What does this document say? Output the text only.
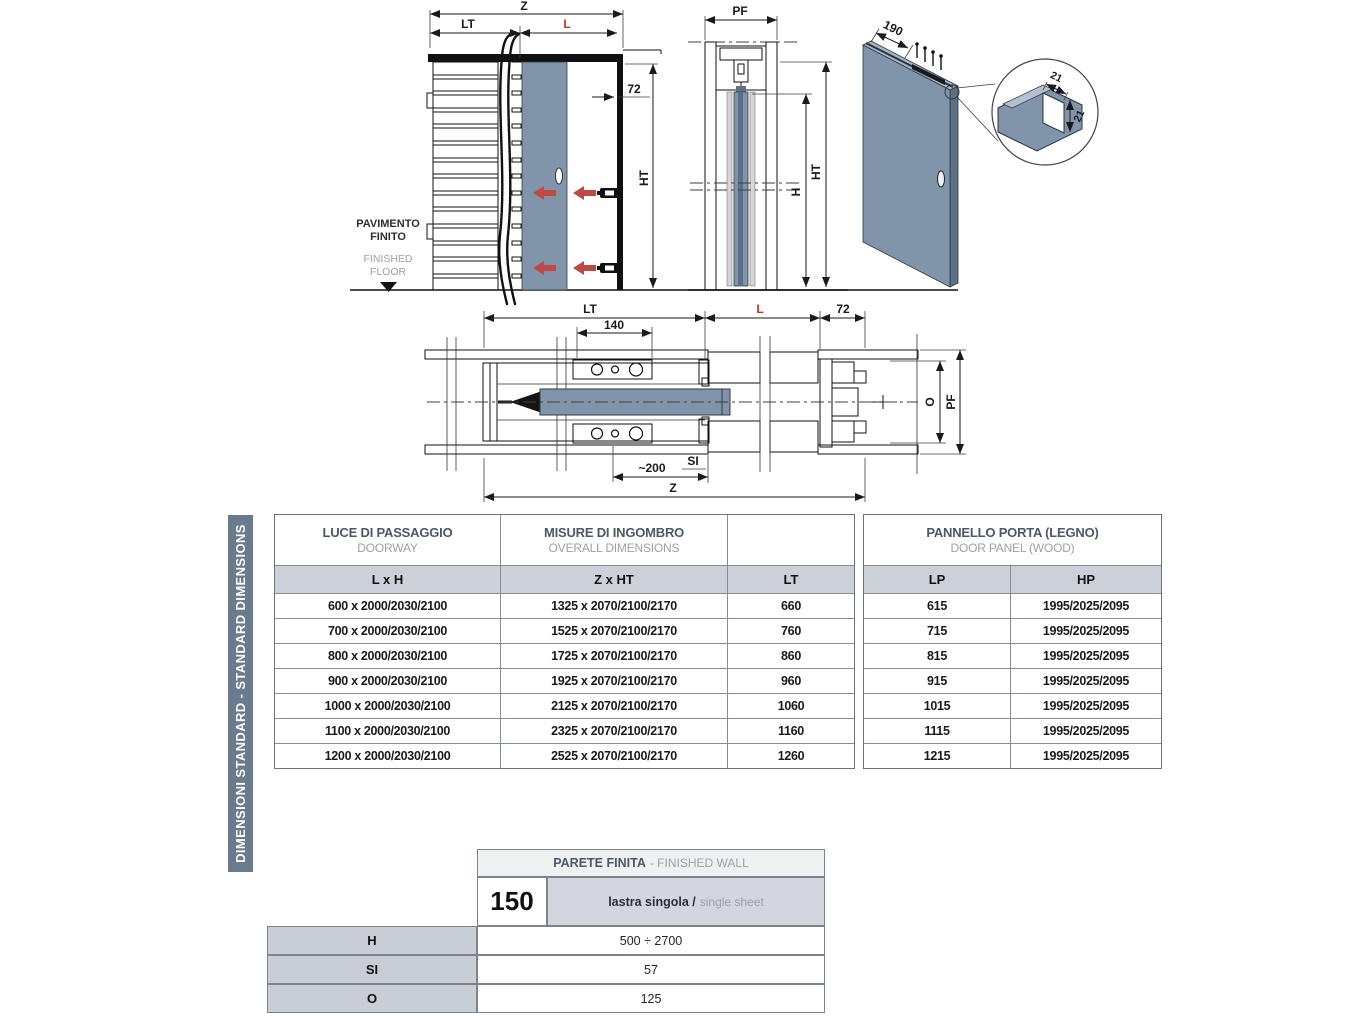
Z
LT	L
72
HT
PAVIMENTO
FINITO
FINISHED
FLOOR
PF
H
HT
190
21
21
LT	L	72
140
SI
~200
Z
O PF
DIMENSIONI STANDARD - STANDARD DIMENSIONS	LUCE DI PASSAGGIO
DOORWAY
MISURE DI INGOMBRO
OVERALL DIMENSIONS
L x H	Z x HT	LT
600 x 2000/2030/2100	1325 x 2070/2100/2170	660
700 x 2000/2030/2100	1525 x 2070/2100/2170	760
800 x 2000/2030/2100	1725 x 2070/2100/2170	860
900 x 2000/2030/2100	1925 x 2070/2100/2170	960
1000 x 2000/2030/2100	2125 x 2070/2100/2170	1060
1100 x 2000/2030/2100	2325 x 2070/2100/2170	1160
1200 x 2000/2030/2100	2525 x 2070/2100/2170	1260
PANNELLO PORTA (LEGNO)
DOOR PANEL (WOOD)
LP	HP
615	1995/2025/2095
715	1995/2025/2095
815	1995/2025/2095
915	1995/2025/2095
1015	1995/2025/2095
1115	1995/2025/2095
1215	1995/2025/2095
PARETE FINITA - FINISHED WALL
150	lastra singola / single sheet
H	500 ÷ 2700
SI	57
O	125
